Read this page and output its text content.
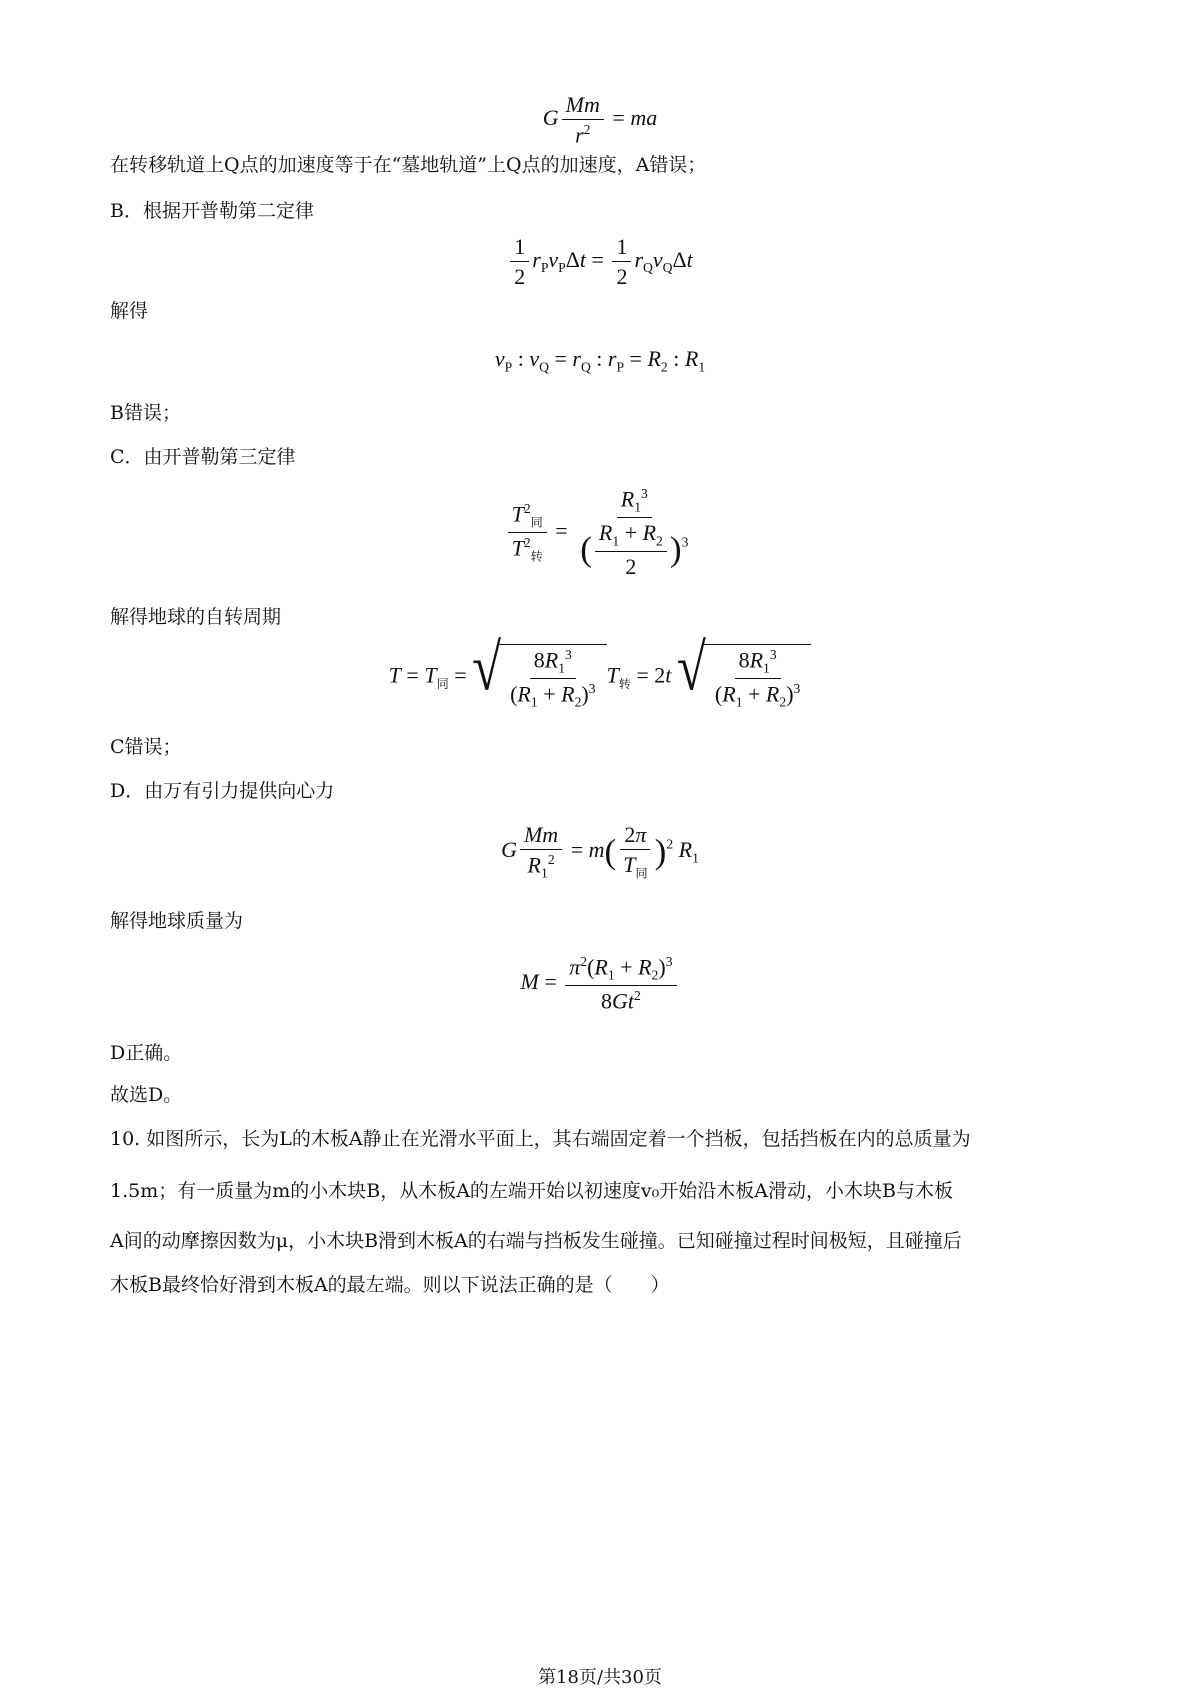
G $\frac{Mm}{r^2}$ = ma
在转移轨道上Q点的加速度等于在“墓地轨道”上Q点的加速度，A错误；
B．根据开普勒第二定律
$\frac{1}{2} r_Pv_P\Delta t = \frac{1}{2} r_Qv_Q\Delta t$
解得
$v_P$ : $v_Q = r_Q$ : $r_P = R_2$ : $R_1$
B错误；
C．由开普勒第三定律
$\frac{T^2_同}{T^2_转} = \frac{R_1^3}{( \frac{R_1 + R_2}{2} )^3}$
解得地球的自转周期
$T = T_同$ = √ $\frac{8R_1^3}{(R_1 + R_2)^3} T_转 = 2t$ √ $\frac{8R_1^3}{(R_1 + R_2)^3}$
C错误；
D．由万有引力提供向心力
G $\frac{Mm}{R_1^2} = m( \frac{2\pi}{T_同} )^2$ $R_1$
解得地球质量为
$M = \frac{\pi^2(R_1 + R_2)^3}{8Gt^2}$
D正确。
故选D。
10. 如图所示，长为L的木板A静止在光滑水平面上，其右端固定着一个挡板，包括挡板在内的总质量为
1.5m；有一质量为m的小木块B，从木板A的左端开始以初速度v₀开始沿木板A滑动，小木块B与木板
A间的动摩擦因数为μ，小木块B滑到木板A的右端与挡板发生碰撞。已知碰撞过程时间极短，且碰撞后
木板B最终恰好滑到木板A的最左端。则以下说法正确的是（　　）
第18页/共30页
